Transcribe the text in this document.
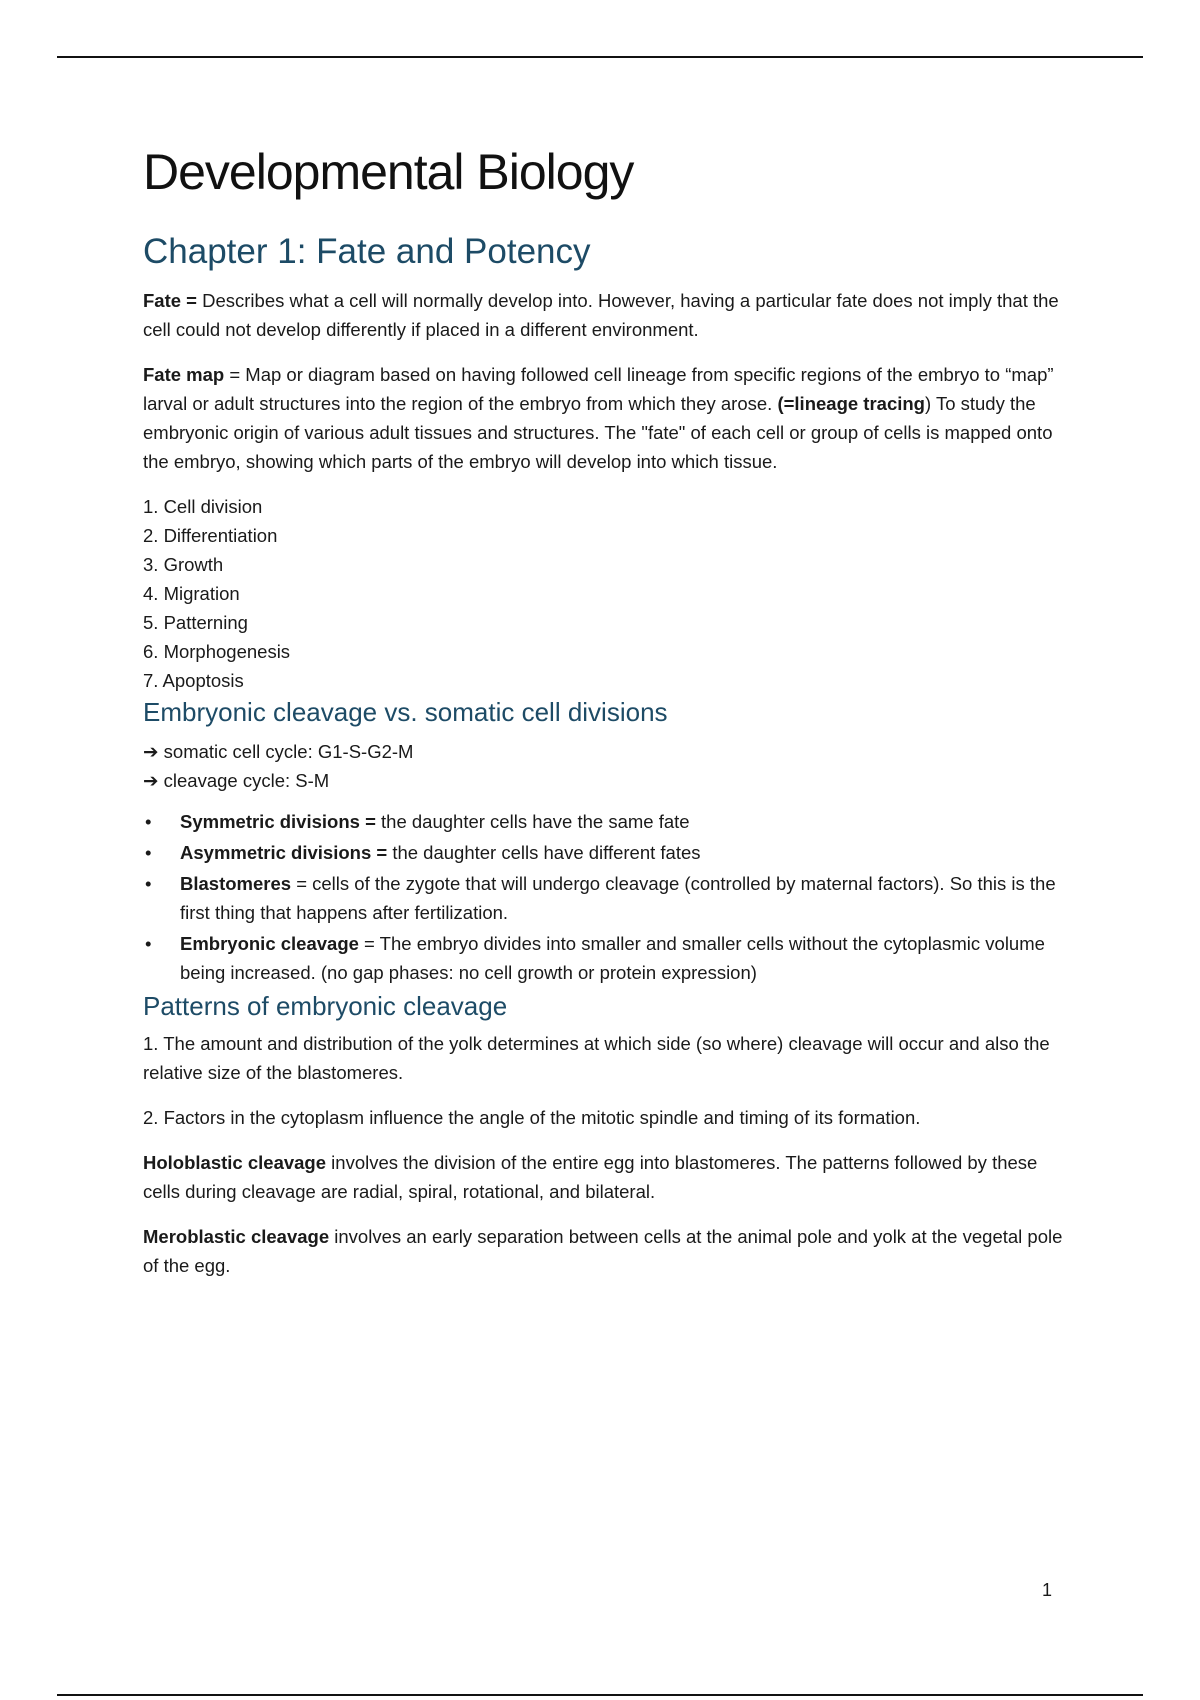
Developmental Biology
Chapter 1: Fate and Potency

Fate = Describes what a cell will normally develop into. However, having a particular fate does not imply that the cell could not develop differently if placed in a different environment.

Fate map = Map or diagram based on having followed cell lineage from specific regions of the embryo to “map” larval or adult structures into the region of the embryo from which they arose. (=lineage tracing) To study the embryonic origin of various adult tissues and structures. The "fate" of each cell or group of cells is mapped onto the embryo, showing which parts of the embryo will develop into which tissue.

1. Cell division
2. Differentiation
3. Growth
4. Migration
5. Patterning
6. Morphogenesis
7. Apoptosis
Embryonic cleavage vs. somatic cell divisions
➔ somatic cell cycle: G1-S-G2-M
➔ cleavage cycle: S-M
• Symmetric divisions = the daughter cells have the same fate
• Asymmetric divisions = the daughter cells have different fates
• Blastomeres = cells of the zygote that will undergo cleavage (controlled by maternal factors). So this is the first thing that happens after fertilization.
• Embryonic cleavage = The embryo divides into smaller and smaller cells without the cytoplasmic volume being increased. (no gap phases: no cell growth or protein expression)
Patterns of embryonic cleavage

1. The amount and distribution of the yolk determines at which side (so where) cleavage will occur and also the relative size of the blastomeres.

2. Factors in the cytoplasm influence the angle of the mitotic spindle and timing of its formation.

Holoblastic cleavage involves the division of the entire egg into blastomeres. The patterns followed by these cells during cleavage are radial, spiral, rotational, and bilateral.

Meroblastic cleavage involves an early separation between cells at the animal pole and yolk at the vegetal pole of the egg.

1
